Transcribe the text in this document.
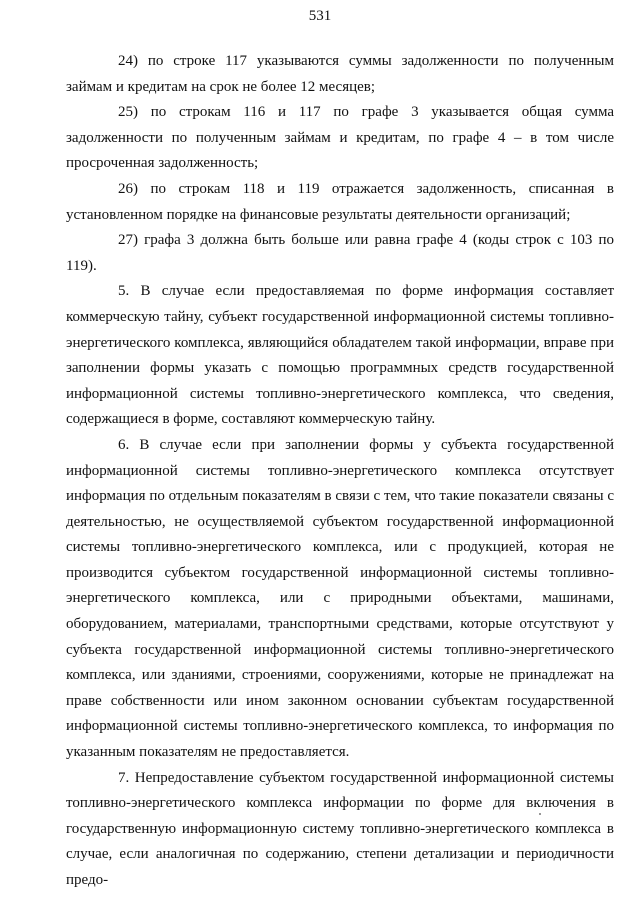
531

24) по строке 117 указываются суммы задолженности по полученным займам и кредитам на срок не более 12 месяцев;

25) по строкам 116 и 117 по графе 3 указывается общая сумма задолженности по полученным займам и кредитам, по графе 4 – в том числе просроченная задолженность;

26) по строкам 118 и 119 отражается задолженность, списанная в установленном порядке на финансовые результаты деятельности организаций;

27) графа 3 должна быть больше или равна графе 4 (коды строк с 103 по 119).

5. В случае если предоставляемая по форме информация составляет коммерческую тайну, субъект государственной информационной системы топливно-энергетического комплекса, являющийся обладателем такой информации, вправе при заполнении формы указать с помощью программных средств государственной информационной системы топливно-энергетического комплекса, что сведения, содержащиеся в форме, составляют коммерческую тайну.

6. В случае если при заполнении формы у субъекта государственной информационной системы топливно-энергетического комплекса отсутствует информация по отдельным показателям в связи с тем, что такие показатели связаны с деятельностью, не осуществляемой субъектом государственной информационной системы топливно-энергетического комплекса, или с продукцией, которая не производится субъектом государственной информационной системы топливно-энергетического комплекса, или с природными объектами, машинами, оборудованием, материалами, транспортными средствами, которые отсутствуют у субъекта государственной информационной системы топливно-энергетического комплекса, или зданиями, строениями, сооружениями, которые не принадлежат на праве собственности или ином законном основании субъектам государственной информационной системы топливно-энергетического комплекса, то информация по указанным показателям не предоставляется.

7. Непредоставление субъектом государственной информационной системы топливно-энергетического комплекса информации по форме для включения в государственную информационную систему топливно-энергетического комплекса в случае, если аналогичная по содержанию, степени детализации и периодичности предо-
